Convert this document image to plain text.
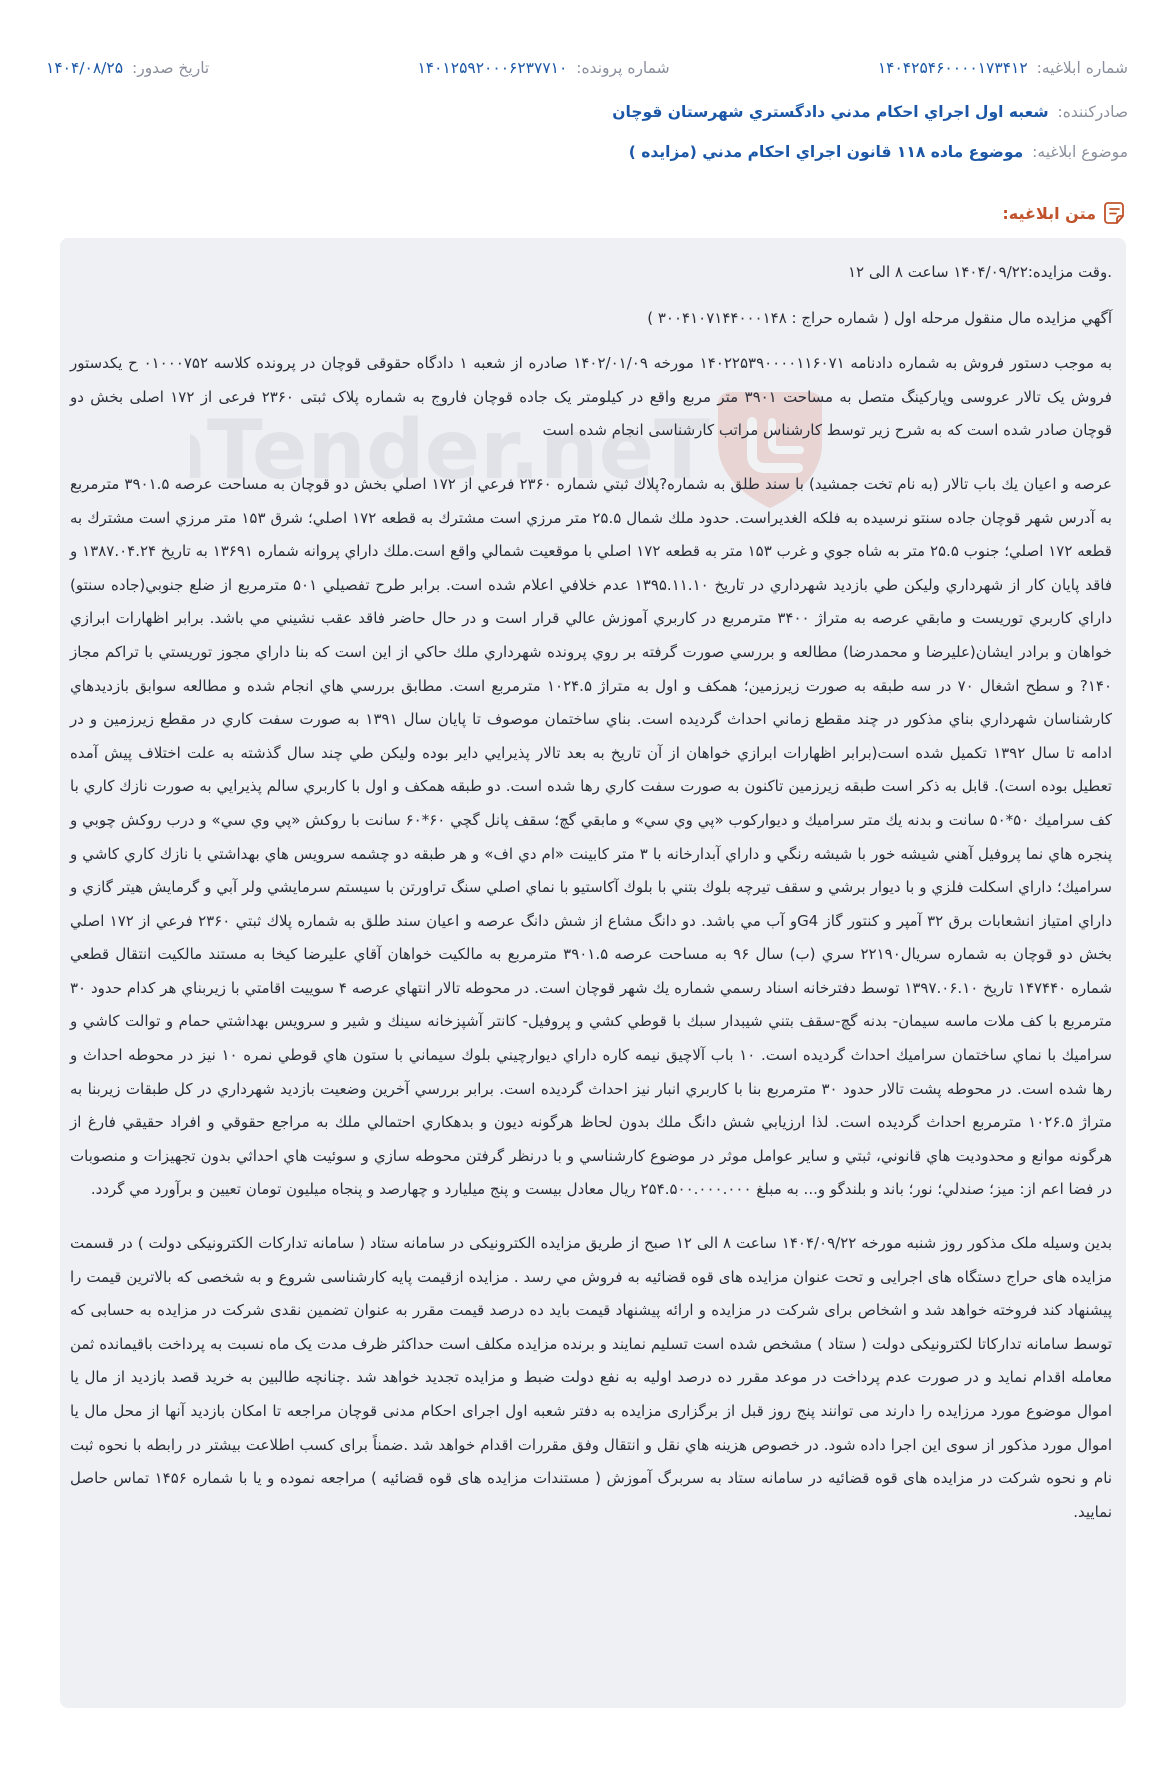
شماره ابلاغیه: ۱۴۰۴۲۵۴۶۰۰۰۰۱۷۳۴۱۲
شماره پرونده: ۱۴۰۱۲۵۹۲۰۰۰۶۲۳۷۷۱۰
تاریخ صدور: ۱۴۰۴/۰۸/۲۵
صادرکننده: شعبه اول اجراي احكام مدني دادگستري شهرستان قوچان
موضوع ابلاغیه: موضوع ماده ۱۱۸ قانون اجراي احكام مدني (مزايده )
متن ابلاغیه:

.وقت مزایده:۱۴۰۴/۰۹/۲۲ ساعت ۸ الی ۱۲

آگهي مزايده مال منقول مرحله اول ( شماره حراج : ۳۰۰۴۱۰۷۱۴۴۰۰۰۱۴۸ )

به موجب دستور فروش به شماره دادنامه ۱۴۰۲۲۵۳۹۰۰۰۰۱۱۶۰۷۱ مورخه ۱۴۰۲/۰۱/۰۹ صادره از شعبه ۱ دادگاه حقوقی قوچان در پرونده کلاسه ۰۱۰۰۰۷۵۲ ح یکدستور فروش یک تالار عروسی وپارکینگ متصل به مساحت ۳۹۰۱ متر مربع واقع در کیلومتر یک جاده قوچان فاروج به شماره پلاک ثبتی ۲۳۶۰ فرعی از ۱۷۲ اصلی بخش دو قوچان صادر شده است که به شرح زیر توسط کارشناس مراتب کارشناسی انجام شده است

عرصه و اعيان يك باب تالار (به نام تخت جمشيد) با سند طلق به شماره?پلاك ثبتي شماره ۲۳۶۰ فرعي از ۱۷۲ اصلي بخش دو قوچان به مساحت عرصه ۳۹۰۱.۵ مترمربع به آدرس شهر قوچان جاده سنتو نرسيده به فلكه الغديراست. حدود ملك شمال ۲۵.۵ متر مرزي است مشترك به قطعه ۱۷۲ اصلي؛ شرق ۱۵۳ متر مرزي است مشترك به قطعه ۱۷۲ اصلي؛ جنوب ۲۵.۵ متر به شاه جوي و غرب ۱۵۳ متر به قطعه ۱۷۲ اصلي با موقعيت شمالي واقع است.ملك داراي پروانه شماره ۱۳۶۹۱ به تاريخ ۱۳۸۷.۰۴.۲۴ و فاقد پايان كار از شهرداري وليكن طي بازديد شهرداري در تاريخ ۱۳۹۵.۱۱.۱۰ عدم خلافي اعلام شده است. برابر طرح تفصيلي ۵۰۱ مترمربع از ضلع جنوبي(جاده سنتو) داراي كاربري توريست و مابقي عرصه به متراژ ۳۴۰۰ مترمربع در كاربري آموزش عالي قرار است و در حال حاضر فاقد عقب نشيني مي باشد. برابر اظهارات ابرازي خواهان و برادر ايشان(عليرضا و محمدرضا) مطالعه و بررسي صورت گرفته بر روي پرونده شهرداري ملك حاكي از اين است كه بنا داراي مجوز توريستي با تراكم مجاز ۱۴۰? و سطح اشغال ۷۰ در سه طبقه به صورت زيرزمين؛ همكف و اول به متراژ ۱۰۲۴.۵ مترمربع است. مطابق بررسي هاي انجام شده و مطالعه سوابق بازديدهاي كارشناسان شهرداري بناي مذكور در چند مقطع زماني احداث گرديده است. بناي ساختمان موصوف تا پايان سال ۱۳۹۱ به صورت سفت كاري در مقطع زيرزمين و در ادامه تا سال ۱۳۹۲ تكميل شده است(برابر اظهارات ابرازي خواهان از آن تاريخ به بعد تالار پذيرايي داير بوده وليكن طي چند سال گذشته به علت اختلاف پيش آمده تعطيل بوده است). قابل به ذكر است طبقه زيرزمين تاكنون به صورت سفت كاري رها شده است. دو طبقه همكف و اول با كاربري سالم پذيرايي به صورت نازك كاري با كف سراميك ۵۰*۵۰ سانت و بدنه يك متر سراميك و ديواركوب «پي وي سي» و مابقي گچ؛ سقف پانل گچي ۶۰*۶۰ سانت با روكش «پي وي سي» و درب روكش چوبي و پنجره هاي نما پروفيل آهني شيشه خور با شيشه رنگي و داراي آبدارخانه با ۳ متر كابينت «ام دي اف» و هر طبقه دو چشمه سرويس هاي بهداشتي با نازك كاري كاشي و سراميك؛ داراي اسكلت فلزي و با ديوار برشي و سقف تيرچه بلوك بتني با بلوك آكاستيو با نماي اصلي سنگ تراورتن با سيستم سرمايشي ولر آبي و گرمايش هيتر گازي و داراي امتياز انشعابات برق ۳۲ آمپر و كنتور گاز G4و آب مي باشد. دو دانگ مشاع از شش دانگ عرصه و اعيان سند طلق به شماره پلاك ثبتي ۲۳۶۰ فرعي از ۱۷۲ اصلي بخش دو قوچان به شماره سريال۲۲۱۹۰ سري (ب) سال ۹۶ به مساحت عرصه ۳۹۰۱.۵ مترمربع به مالكيت خواهان آقاي عليرضا كيخا به مستند مالكيت انتقال قطعي شماره ۱۴۷۴۴۰ تاريخ ۱۳۹۷.۰۶.۱۰ توسط دفترخانه اسناد رسمي شماره يك شهر قوچان است. در محوطه تالار انتهاي عرصه ۴ سوييت اقامتي با زيربناي هر كدام حدود ۳۰ مترمربع با كف ملات ماسه سيمان- بدنه گچ-سقف بتني شيبدار سبك با قوطي كشي و پروفيل- كانتر آشپزخانه سينك و شير و سرويس بهداشتي حمام و توالت كاشي و سراميك با نماي ساختمان سراميك احداث گرديده است. ۱۰ باب آلاچيق نيمه كاره داراي ديوارچيني بلوك سيماني با ستون هاي قوطي نمره ۱۰ نيز در محوطه احداث و رها شده است. در محوطه پشت تالار حدود ۳۰ مترمربع بنا با كاربري انبار نيز احداث گرديده است. برابر بررسي آخرين وضعيت بازديد شهرداري در كل طبقات زيربنا به متراژ ۱۰۲۶.۵ مترمربع احداث گرديده است. لذا ارزيابي شش دانگ ملك بدون لحاظ هرگونه ديون و بدهكاري احتمالي ملك به مراجع حقوقي و افراد حقيقي فارغ از هرگونه موانع و محدوديت هاي قانوني، ثبتي و ساير عوامل موثر در موضوع كارشناسي و با درنظر گرفتن محوطه سازي و سوئيت هاي احداثي بدون تجهيزات و منصوبات در فضا اعم از: ميز؛ صندلي؛ نور؛ باند و بلندگو و... به مبلغ ۲۵۴.۵۰۰.۰۰۰.۰۰۰ ريال معادل بيست و پنج ميليارد و چهارصد و پنجاه ميليون تومان تعيين و برآورد مي گردد.

بدین وسیله ملک مذکور روز شنبه مورخه ۱۴۰۴/۰۹/۲۲ ساعت ۸ الی ۱۲ صبح از طریق مزایده الکترونیکی در سامانه ستاد ( سامانه تدارکات الکترونیکی دولت ) در قسمت مزایده های حراج دستگاه های اجرایی و تحت عنوان مزایده های قوه قضائیه به فروش مي رسد . مزایده ازقیمت پایه کارشناسی شروع و به شخصی که بالاترین قیمت را پیشنهاد کند فروخته خواهد شد و اشخاص برای شرکت در مزایده و ارائه پیشنهاد قیمت باید ده درصد قیمت مقرر به عنوان تضمین نقدی شرکت در مزایده به حسابی که توسط سامانه تدارکاتا لکترونیکی دولت ( ستاد ) مشخص شده است تسلیم نمایند و برنده مزایده مکلف است حداکثر ظرف مدت یک ماه نسبت به پرداخت باقیمانده ثمن معامله اقدام نماید و در صورت عدم پرداخت در موعد مقرر ده درصد اولیه به نفع دولت ضبط و مزایده تجدید خواهد شد .چنانچه طالبین به خرید قصد بازدید از مال یا اموال موضوع مورد مرزایده را دارند می توانند پنج روز قبل از برگزاری مزایده به دفتر شعبه اول اجرای احکام مدنی قوچان مراجعه تا امکان بازدید آنها از محل مال یا اموال مورد مذکور از سوی این اجرا داده شود. در خصوص هزينه هاي نقل و انتقال وفق مقررات اقدام خواهد شد .ضمناً برای کسب اطلاعت بیشتر در رابطه با نحوه ثبت نام و نحوه شرکت در مزایده های قوه قضائیه در سامانه ستاد به سربرگ آموزش ( مستندات مزایده های قوه قضائیه ) مراجعه نموده و یا با شماره ۱۴۵۶ تماس حاصل نمایید.
